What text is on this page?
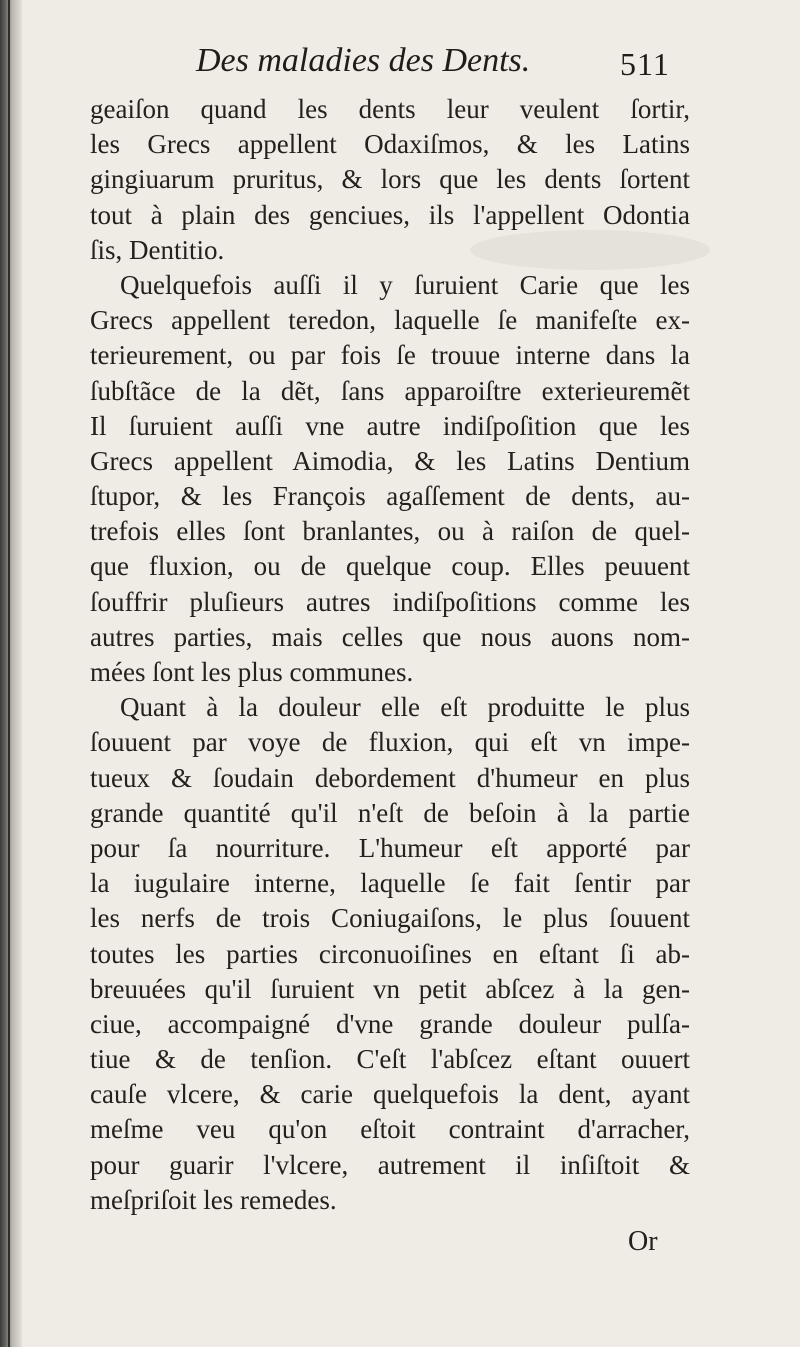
Des maladies des Dents.	511
geaiſon quand les dents leur veulent ſortir,
les Grecs appellent Odaxiſmos, & les Latins
gingiuarum pruritus, & lors que les dents ſortent
tout à plain des genciues, ils l'appellent Odontia
ſis, Dentitio.
Quelquefois auſſi il y ſuruient Carie que les
Grecs appellent teredon, laquelle ſe manifeſte ex-
terieurement, ou par fois ſe trouue interne dans la
ſubſtãce de la dẽt, ſans apparoiſtre exterieuremẽt
Il ſuruient auſſi vne autre indiſpoſition que les
Grecs appellent Aimodia, & les Latins Dentium
ſtupor, & les François agaſſement de dents, au-
trefois elles ſont branlantes, ou à raiſon de quel-
que fluxion, ou de quelque coup. Elles peuuent
ſouffrir pluſieurs autres indiſpoſitions comme les
autres parties, mais celles que nous auons nom-
mées ſont les plus communes.
Quant à la douleur elle eſt produitte le plus
ſouuent par voye de fluxion, qui eſt vn impe-
tueux & ſoudain debordement d'humeur en plus
grande quantité qu'il n'eſt de beſoin à la partie
pour ſa nourriture. L'humeur eſt apporté par
la iugulaire interne, laquelle ſe fait ſentir par
les nerfs de trois Coniugaiſons, le plus ſouuent
toutes les parties circonuoiſines en eſtant ſi ab-
breuuées qu'il ſuruient vn petit abſcez à la gen-
ciue, accompaigné d'vne grande douleur pulſa-
tiue & de tenſion. C'eſt l'abſcez eſtant ouuert
cauſe vlcere, & carie quelquefois la dent, ayant
meſme veu qu'on eſtoit contraint d'arracher,
pour guarir l'vlcere, autrement il inſiſtoit &
meſpriſoit les remedes.
Or
